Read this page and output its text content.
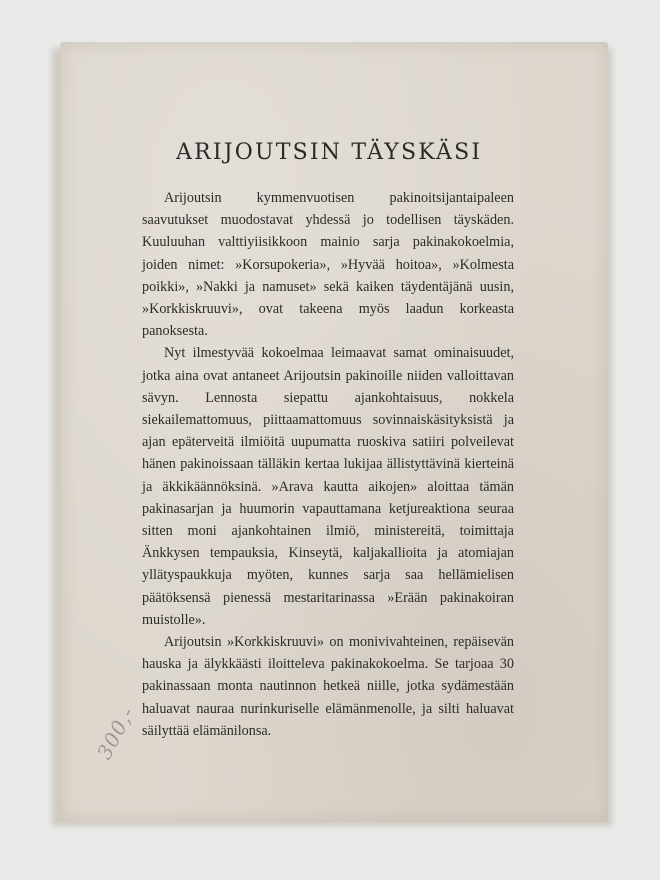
ARIJOUTSIN TÄYSKÄSI

Arijoutsin kymmenvuotisen pakinoitsijantaipaleen saavutukset muodostavat yhdessä jo todellisen täyskäden. Kuuluuhan valttiyiisikkoon mainio sarja pakinakokoelmia, joiden nimet: »Korsupokeria», »Hyvää hoitoa», »Kolmesta poikki», »Nakki ja namuset» sekä kaiken täydentäjänä uusin, »Korkkiskruuvi», ovat takeena myös laadun korkeasta panoksesta.

Nyt ilmestyvää kokoelmaa leimaavat samat ominaisuudet, jotka aina ovat antaneet Arijoutsin pakinoille niiden valloittavan sävyn. Lennosta siepattu ajankohtaisuus, nokkela siekailemattomuus, piittaamattomuus sovinnaiskäsityksistä ja ajan epäterveitä ilmiöitä uupumatta ruoskiva satiiri polveilevat hänen pakinoissaan tälläkin kertaa lukijaa ällistyttävinä kierteinä ja äkkikäännöksinä. »Arava kautta aikojen» aloittaa tämän pakinasarjan ja huumorin vapauttamana ketjureaktiona seuraa sitten moni ajankohtainen ilmiö, ministereitä, toimittaja Änkkysen tempauksia, Kinseytä, kaljakallioita ja atomiajan yllätyspaukkuja myöten, kunnes sarja saa hellämielisen päätöksensä pienessä mestaritarinassa »Erään pakinakoiran muistolle».

Arijoutsin »Korkkiskruuvi» on monivivahteinen, repäisevän hauska ja älykkäästi iloitteleva pakinakokoelma. Se tarjoaa 30 pakinassaan monta nautinnon hetkeä niille, jotka sydämestään haluavat nauraa nurinkuriselle elämänmenolle, ja silti haluavat säilyttää elämänilonsa.

300,-
